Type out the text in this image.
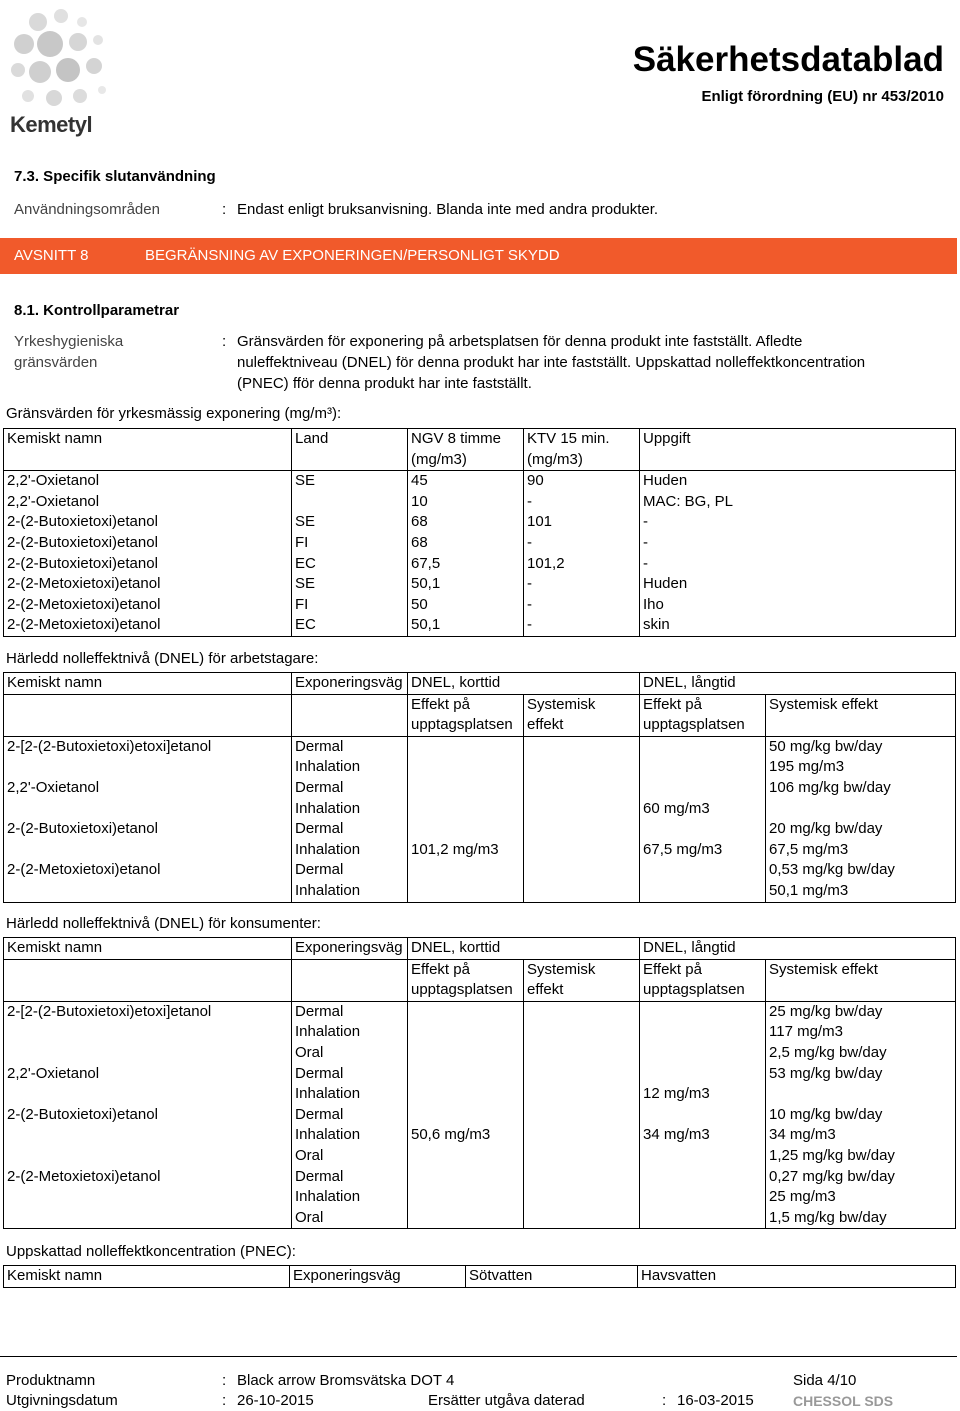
Kemetyl
Säkerhetsdatablad
Enligt förordning (EU) nr 453/2010
7.3. Specifik slutanvändning
Användningsområden	: Endast enligt bruksanvisning. Blanda inte med andra produkter.
AVSNITT 8	BEGRÄNSNING AV EXPONERINGEN/PERSONLIGT SKYDD
8.1. Kontrollparametrar
Yrkeshygieniska
gränsvärden
: Gränsvärden för exponering på arbetsplatsen för denna produkt inte fastställt. Afledte
nuleffektniveau (DNEL) för denna produkt har inte fastställt. Uppskattad nolleffektkoncentration
(PNEC) fför denna produkt har inte fastställt.
Gränsvärden för yrkesmässig exponering (mg/m³):
Kemiskt namn	Land	NGV 8 timme	KTV 15 min.	Uppgift
		(mg/m3)	(mg/m3)	
2,2'-Oxietanol	SE	45	90	Huden
2,2'-Oxietanol		10	-	MAC: BG, PL
2-(2-Butoxietoxi)etanol	SE	68	101	-
2-(2-Butoxietoxi)etanol	FI	68	-	-
2-(2-Butoxietoxi)etanol	EC	67,5	101,2	-
2-(2-Metoxietoxi)etanol	SE	50,1	-	Huden
2-(2-Metoxietoxi)etanol	FI	50	-	Iho
2-(2-Metoxietoxi)etanol	EC	50,1	-	skin
Härledd nolleffektnivå (DNEL) för arbetstagare:
Kemiskt namn	Exponeringsväg	DNEL, korttid		DNEL, långtid	
		Effekt på	Systemisk	Effekt på	Systemisk effekt
		upptagsplatsen	effekt	upptagsplatsen	
2-[2-(2-Butoxietoxi)etoxi]etanol	Dermal				50 mg/kg bw/day
	Inhalation				195 mg/m3
2,2'-Oxietanol	Dermal				106 mg/kg bw/day
	Inhalation			60 mg/m3	
2-(2-Butoxietoxi)etanol	Dermal				20 mg/kg bw/day
	Inhalation	101,2 mg/m3		67,5 mg/m3	67,5 mg/m3
2-(2-Metoxietoxi)etanol	Dermal				0,53 mg/kg bw/day
	Inhalation				50,1 mg/m3
Härledd nolleffektnivå (DNEL) för konsumenter:
Kemiskt namn	Exponeringsväg	DNEL, korttid		DNEL, långtid	
		Effekt på	Systemisk	Effekt på	Systemisk effekt
		upptagsplatsen	effekt	upptagsplatsen	
2-[2-(2-Butoxietoxi)etoxi]etanol	Dermal				25 mg/kg bw/day
	Inhalation				117 mg/m3
	Oral				2,5 mg/kg bw/day
2,2'-Oxietanol	Dermal				53 mg/kg bw/day
	Inhalation			12 mg/m3	
2-(2-Butoxietoxi)etanol	Dermal				10 mg/kg bw/day
	Inhalation	50,6 mg/m3		34 mg/m3	34 mg/m3
	Oral				1,25 mg/kg bw/day
2-(2-Metoxietoxi)etanol	Dermal				0,27 mg/kg bw/day
	Inhalation				25 mg/m3
	Oral				1,5 mg/kg bw/day
Uppskattad nolleffektkoncentration (PNEC):
Kemiskt namn	Exponeringsväg	Sötvatten	Havsvatten
Produktnamn	: Black arrow Bromsvätska DOT 4	Sida 4/10
Utgivningsdatum	: 26-10-2015	Ersätter utgåva daterad	: 16-03-2015	CHESSOL SDS
